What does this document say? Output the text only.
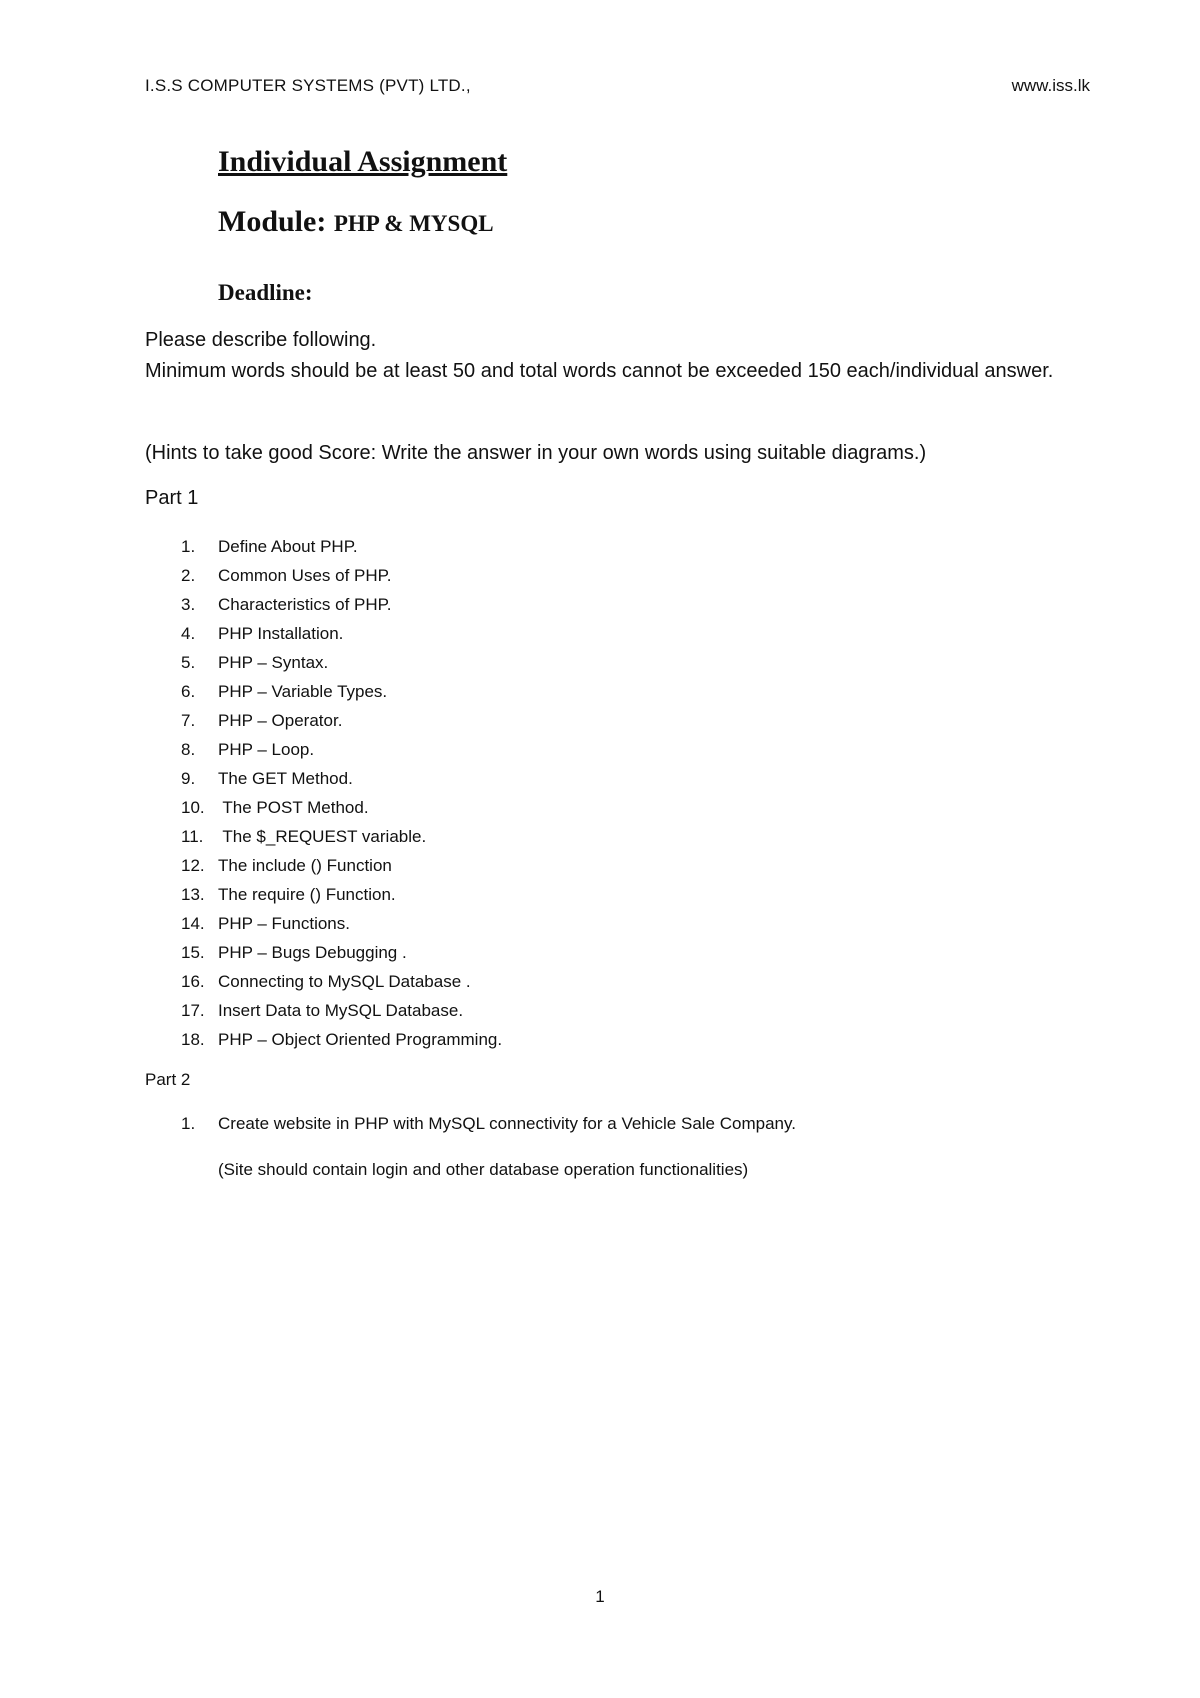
I.S.S COMPUTER SYSTEMS (PVT) LTD.,	www.iss.lk
Individual Assignment
Module: PHP & MYSQL
Deadline:
Please describe following.
Minimum words should be at least 50 and total words cannot be exceeded 150 each/individual answer.
(Hints to take good Score: Write the answer in your own words using suitable diagrams.)
Part 1
1. Define About PHP.
2. Common Uses of PHP.
3. Characteristics of PHP.
4. PHP Installation.
5. PHP – Syntax.
6. PHP – Variable Types.
7. PHP – Operator.
8. PHP – Loop.
9. The GET Method.
10. The POST Method.
11. The $_REQUEST variable.
12. The include () Function
13. The require () Function.
14. PHP – Functions.
15. PHP – Bugs Debugging .
16. Connecting to MySQL Database .
17. Insert Data to MySQL Database.
18. PHP – Object Oriented Programming.
Part 2
1. Create website in PHP with MySQL connectivity for a Vehicle Sale Company.
(Site should contain login and other database operation functionalities)
1
